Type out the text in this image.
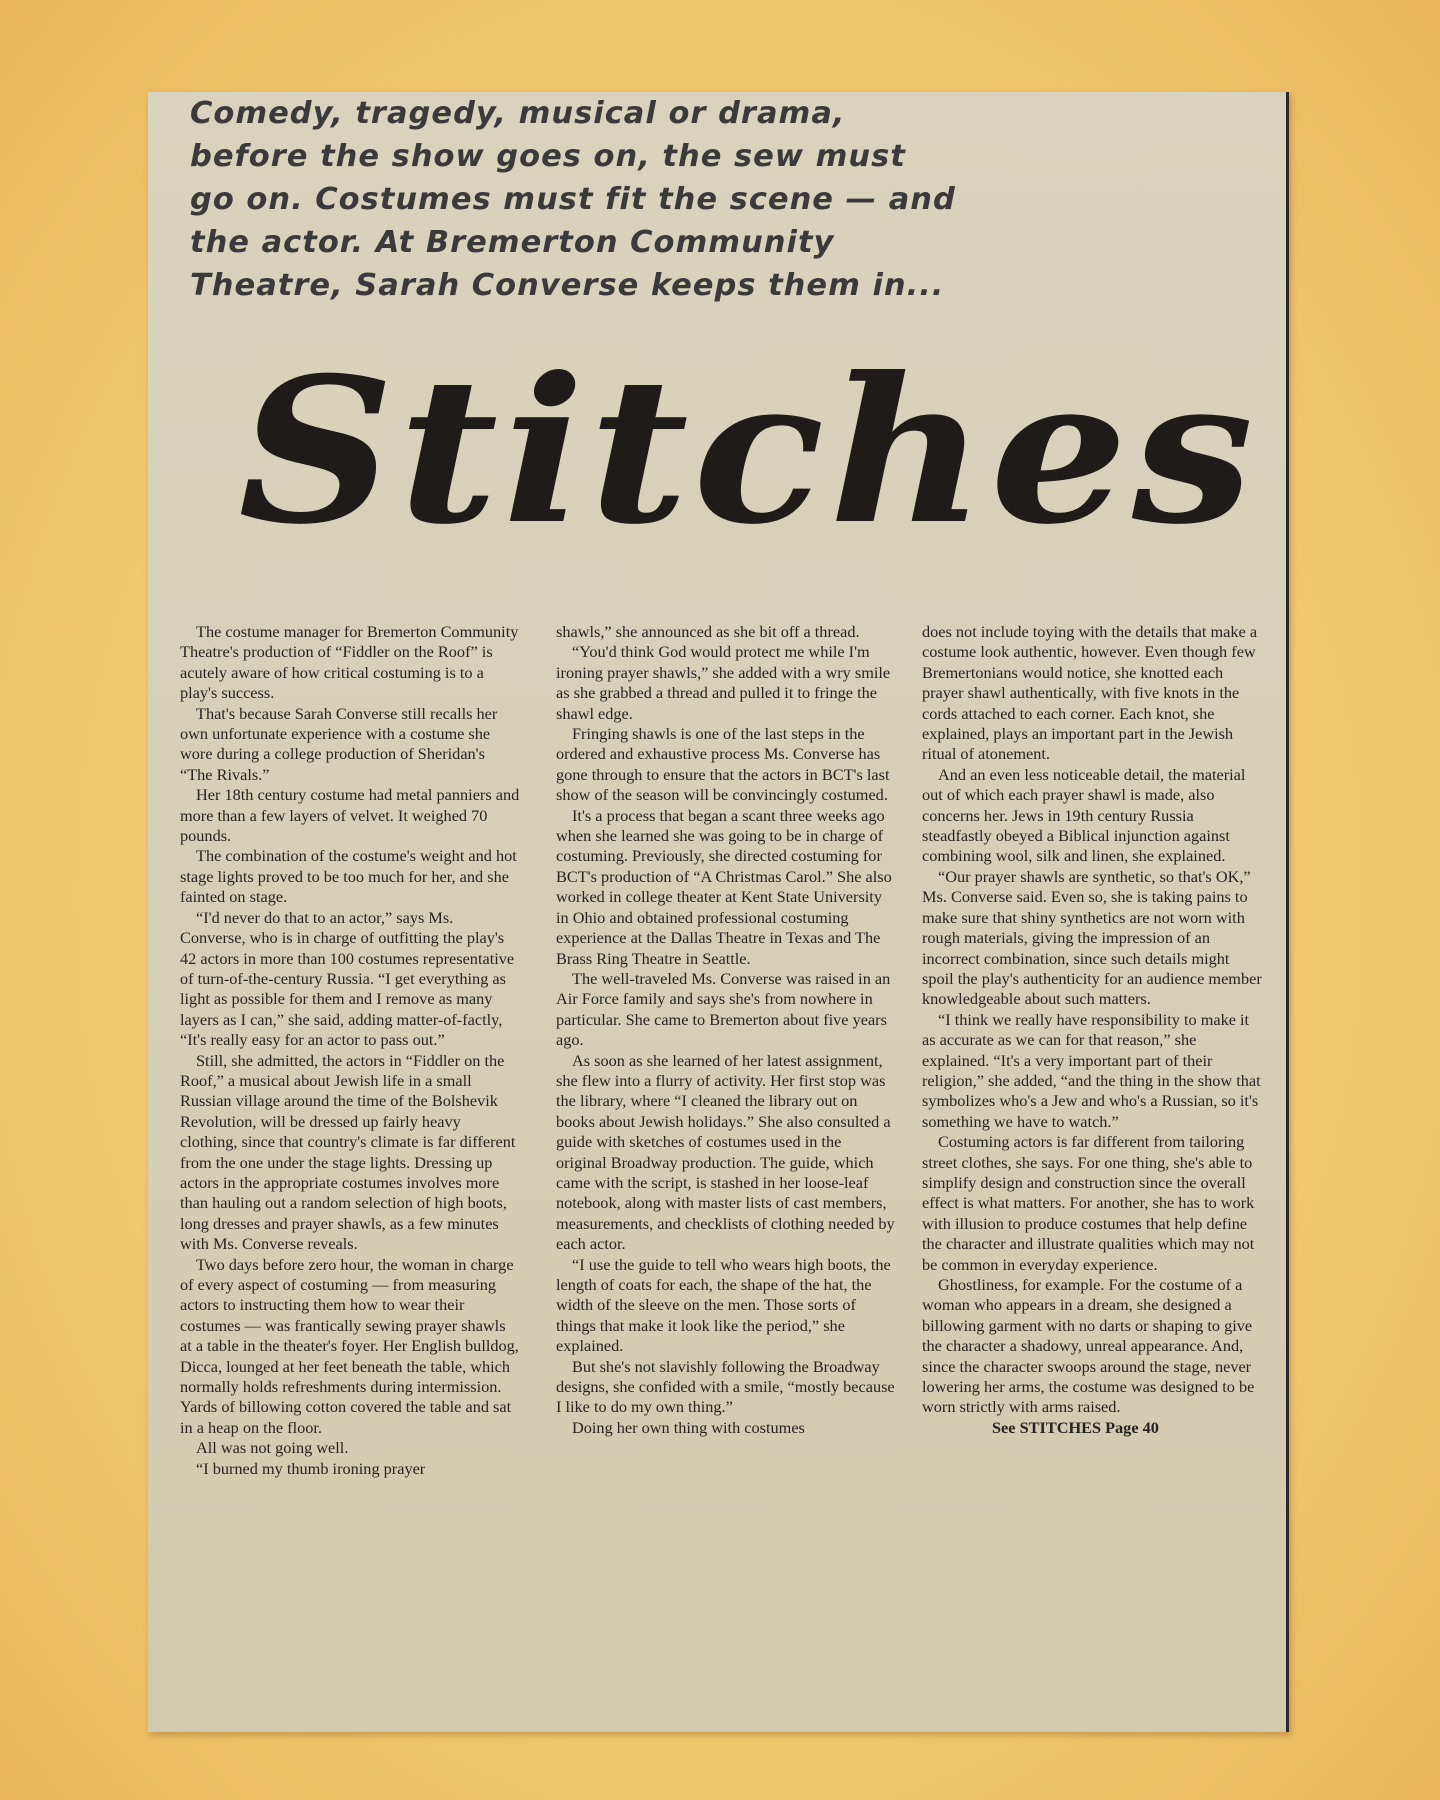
Comedy, tragedy, musical or drama,
before the show goes on, the sew must
go on. Costumes must fit the scene — and
the actor. At Bremerton Community
Theatre, Sarah Converse keeps them in...
Stitches

The costume manager for Bremerton Community Theatre's production of “Fiddler on the Roof” is acutely aware of how critical costuming is to a play's success.

That's because Sarah Converse still recalls her own unfortunate experience with a costume she wore during a college production of Sheridan's “The Rivals.”

Her 18th century costume had metal panniers and more than a few layers of velvet. It weighed 70 pounds.

The combination of the costume's weight and hot stage lights proved to be too much for her, and she fainted on stage.

“I'd never do that to an actor,” says Ms. Converse, who is in charge of outfitting the play's 42 actors in more than 100 costumes representative of turn-of-the-century Russia. “I get everything as light as possible for them and I remove as many layers as I can,” she said, adding matter-of-factly, “It's really easy for an actor to pass out.”

Still, she admitted, the actors in “Fiddler on the Roof,” a musical about Jewish life in a small Russian village around the time of the Bolshevik Revolution, will be dressed up fairly heavy clothing, since that country's climate is far different from the one under the stage lights. Dressing up actors in the appropriate costumes involves more than hauling out a random selection of high boots, long dresses and prayer shawls, as a few minutes with Ms. Converse reveals.

Two days before zero hour, the woman in charge of every aspect of costuming — from measuring actors to instructing them how to wear their costumes — was frantically sewing prayer shawls at a table in the theater's foyer. Her English bulldog, Dicca, lounged at her feet beneath the table, which normally holds refreshments during intermission. Yards of billowing cotton covered the table and sat in a heap on the floor.

All was not going well.

“I burned my thumb ironing prayer

shawls,” she announced as she bit off a thread.

“You'd think God would protect me while I'm ironing prayer shawls,” she added with a wry smile as she grabbed a thread and pulled it to fringe the shawl edge.

Fringing shawls is one of the last steps in the ordered and exhaustive process Ms. Converse has gone through to ensure that the actors in BCT's last show of the season will be convincingly costumed.

It's a process that began a scant three weeks ago when she learned she was going to be in charge of costuming. Previously, she directed costuming for BCT's production of “A Christmas Carol.” She also worked in college theater at Kent State University in Ohio and obtained professional costuming experience at the Dallas Theatre in Texas and The Brass Ring Theatre in Seattle.

The well-traveled Ms. Converse was raised in an Air Force family and says she's from nowhere in particular. She came to Bremerton about five years ago.

As soon as she learned of her latest assignment, she flew into a flurry of activity. Her first stop was the library, where “I cleaned the library out on books about Jewish holidays.” She also consulted a guide with sketches of costumes used in the original Broadway production. The guide, which came with the script, is stashed in her loose-leaf notebook, along with master lists of cast members, measurements, and checklists of clothing needed by each actor.

“I use the guide to tell who wears high boots, the length of coats for each, the shape of the hat, the width of the sleeve on the men. Those sorts of things that make it look like the period,” she explained.

But she's not slavishly following the Broadway designs, she confided with a smile, “mostly because I like to do my own thing.”

Doing her own thing with costumes

does not include toying with the details that make a costume look authentic, however. Even though few Bremertonians would notice, she knotted each prayer shawl authentically, with five knots in the cords attached to each corner. Each knot, she explained, plays an important part in the Jewish ritual of atonement.

And an even less noticeable detail, the material out of which each prayer shawl is made, also concerns her. Jews in 19th century Russia steadfastly obeyed a Biblical injunction against combining wool, silk and linen, she explained.

“Our prayer shawls are synthetic, so that's OK,” Ms. Converse said. Even so, she is taking pains to make sure that shiny synthetics are not worn with rough materials, giving the impression of an incorrect combination, since such details might spoil the play's authenticity for an audience member knowledgeable about such matters.

“I think we really have responsibility to make it as accurate as we can for that reason,” she explained. “It's a very important part of their religion,” she added, “and the thing in the show that symbolizes who's a Jew and who's a Russian, so it's something we have to watch.”

Costuming actors is far different from tailoring street clothes, she says. For one thing, she's able to simplify design and construction since the overall effect is what matters. For another, she has to work with illusion to produce costumes that help define the character and illustrate qualities which may not be common in everyday experience.

Ghostliness, for example. For the costume of a woman who appears in a dream, she designed a billowing garment with no darts or shaping to give the character a shadowy, unreal appearance. And, since the character swoops around the stage, never lowering her arms, the costume was designed to be worn strictly with arms raised.

See STITCHES Page 40
